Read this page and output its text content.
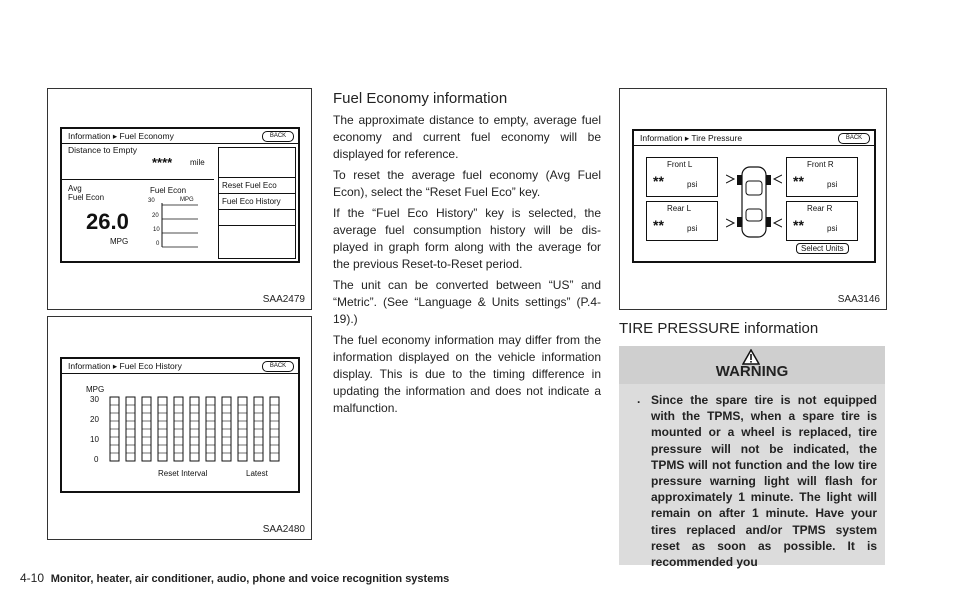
Information ▸ Fuel Economy	BACK
Distance to Empty
**** mile
Avg
Fuel Econ
26.0
MPG
Fuel Econ
MPG
30
20
10
0
Reset Fuel Eco
Fuel Eco History
SAA2479
Information ▸ Fuel Eco History	BACK
MPG
30
20
10
0
Reset Interval	Latest
SAA2480
Information ▸ Tire Pressure	BACK
Front L
**	psi
Front R
**	psi
Rear L
**	psi
Rear R
**	psi
Select Units
SAA3146
Fuel Economy information

The approximate distance to empty, average fuel economy and current fuel economy will be displayed for reference.

To reset the average fuel economy (Avg Fuel Econ), select the “Reset Fuel Eco” key.

If the “Fuel Eco History” key is selected, the average fuel consumption history will be dis-played in graph form along with the average for the previous Reset-to-Reset period.

The unit can be converted between “US” and “Metric”. (See “Language & Units settings” (P.4-19).)

The fuel economy information may differ from the information displayed on the vehicle information display. This is due to the timing difference in updating the information and does not indicate a malfunction.

TIRE PRESSURE information
WARNING
. Since the spare tire is not equipped with the TPMS, when a spare tire is mounted or a wheel is replaced, tire pressure will not be indicated, the TPMS will not function and the low tire pressure warning light will flash for approximately 1 minute. The light will remain on after 1 minute. Have your tires replaced and/or TPMS system reset as soon as possible. It is recommended you
4-10 Monitor, heater, air conditioner, audio, phone and voice recognition systems
